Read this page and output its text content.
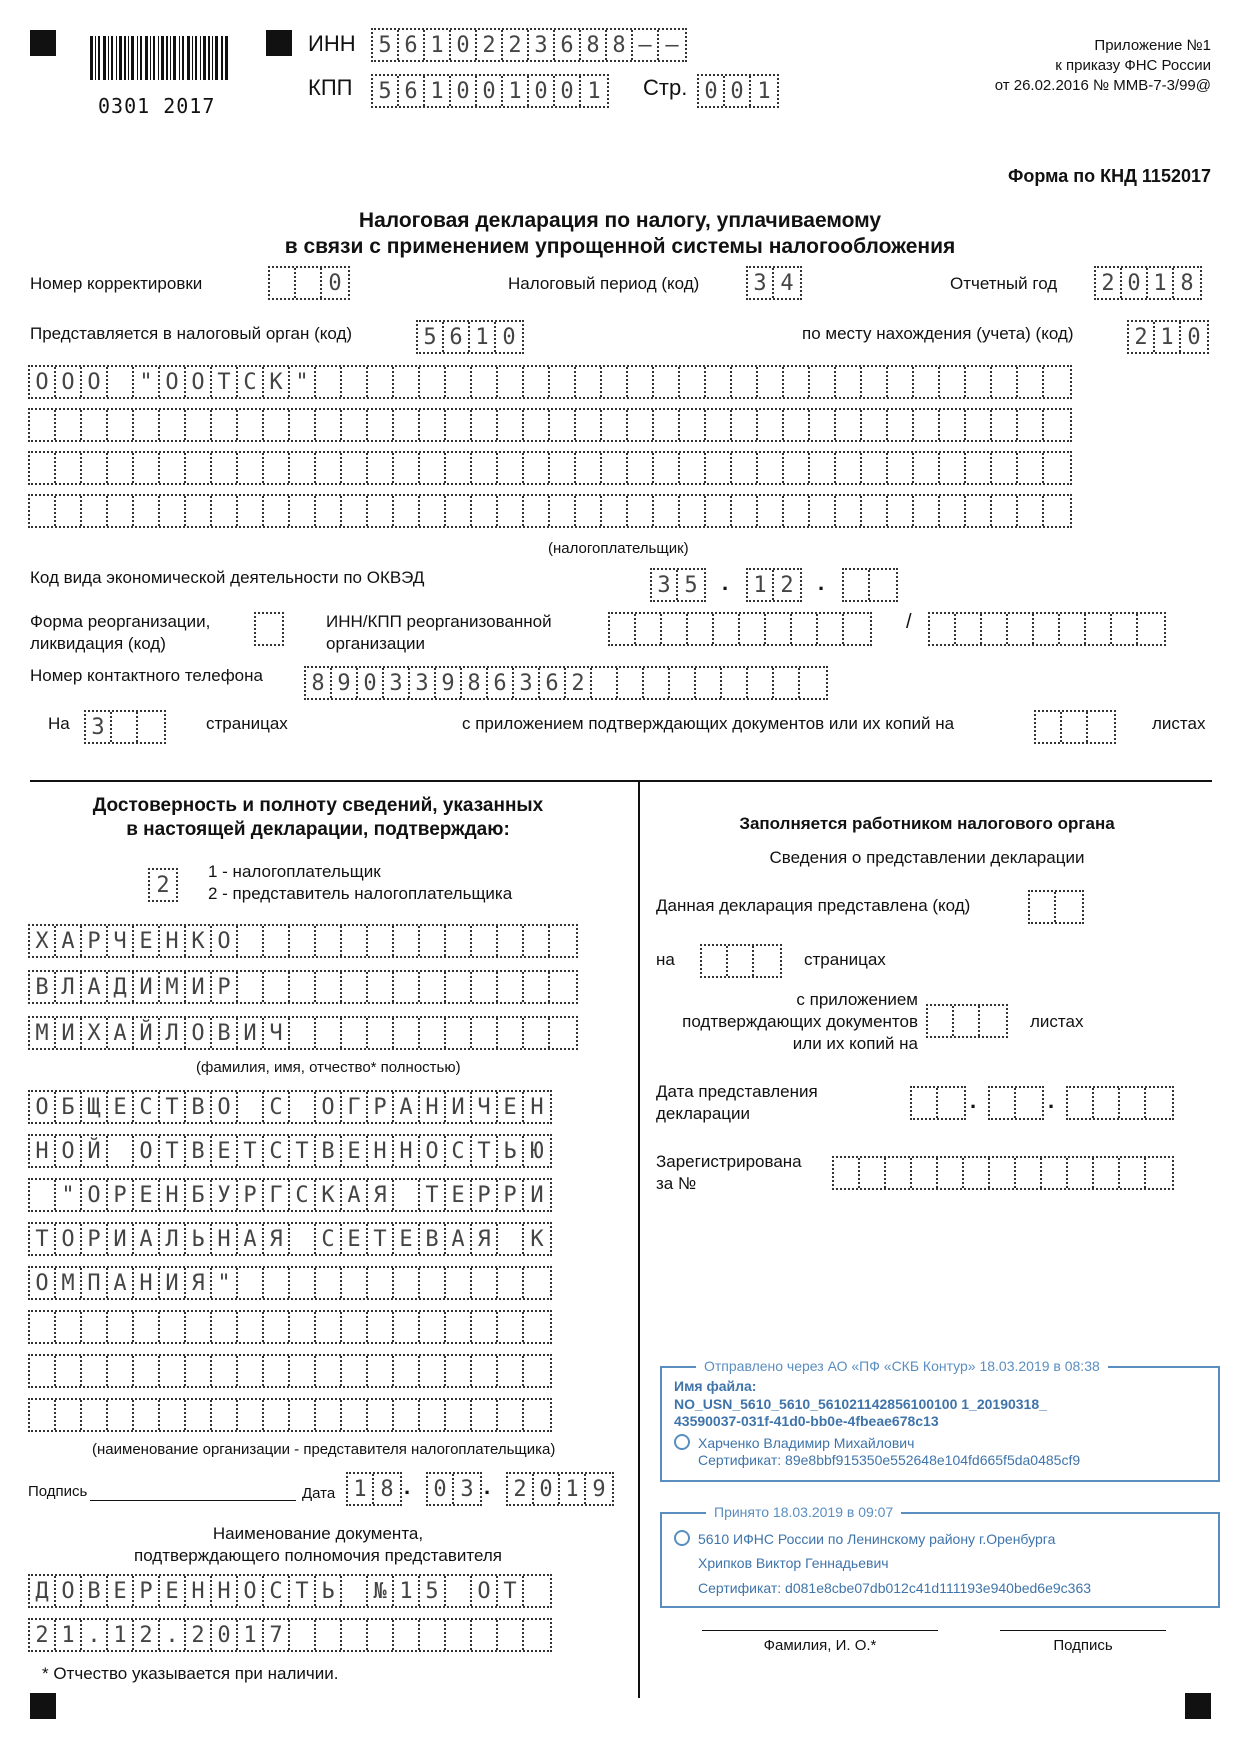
0301 2017
ИНН 5 6 1 0 2 2 3 6 8 8 – –
КПП 5 6 1 0 0 1 0 0 1 Стр. 0 0 1
Приложение №1
к приказу ФНС России
от 26.02.2016 № ММВ-7-3/99@
Форма по КНД 1152017
Налоговая декларация по налогу, уплачиваемому
в связи с применением упрощенной системы налогообложения
Номер корректировки	0	Налоговый период (код) 3 4	Отчетный год 2 0 1 8
Представляется в налоговый орган (код)	5 6 1 0	по месту нахождения (учета) (код)	2 1 0
О О О	" О О Т С К "
(налогоплательщик)
Код вида экономической деятельности по ОКВЭД	3 5 . 1 2 .
Форма реорганизации,
ликвидация (код)
ИНН/КПП реорганизованной
организации
/
Номер контактного телефона 8 9 0 3 3 9 8 6 3 6 2
На 3	страницах	с приложением подтверждающих документов или их копий на	листах
Достоверность и полноту сведений, указанных
в настоящей декларации, подтверждаю:
2
1 - налогоплательщик
2 - представитель налогоплательщика
Х А Р Ч Е Н К О
В Л А Д И М И Р
М И Х А Й Л О В И Ч
(фамилия, имя, отчество* полностью)
О Б Щ Е С Т В О	С	О Г Р А Н И Ч Е Н
Н О Й	О Т В Е Т С Т В Е Н Н О С Т Ь Ю
" О Р Е Н Б У Р Г С К А Я	Т Е Р Р И
Т О Р И А Л Ь Н А Я	С Е Т Е В А Я	К
О М П А Н И Я "
(наименование организации - представителя налогоплательщика)
Подпись	Дата 1 8 . 0 3 . 2 0 1 9
Наименование документа,
подтверждающего полномочия представителя
Д О В Е Р Е Н Н О С Т Ь	№ 1 5	О Т
2 1 . 1 2 . 2 0 1 7
* Отчество указывается при наличии.
Заполняется работником налогового органа
Сведения о представлении декларации
Данная декларация представлена (код)
на	страницах
с приложением
подтверждающих документов
или их копий на
листах
Дата представления
декларации
.	.
Зарегистрирована
за №
Отправлено через АО «ПФ «СКБ Контур» 18.03.2019 в 08:38
Имя файла:
NO_USN_5610_5610_561021142856100100 1_20190318_
43590037-031f-41d0-bb0e-4fbeae678c13
Харченко Владимир Михайлович
Сертификат: 89e8bbf915350e552648e104fd665f5da0485cf9
Принято 18.03.2019 в 09:07
5610 ИФНС России по Ленинскому району г.Оренбурга
Хрипков Виктор Геннадьевич
Сертификат: d081e8cbe07db012c41d111193e940bed6e9c363
Фамилия, И. О.*	Подпись
